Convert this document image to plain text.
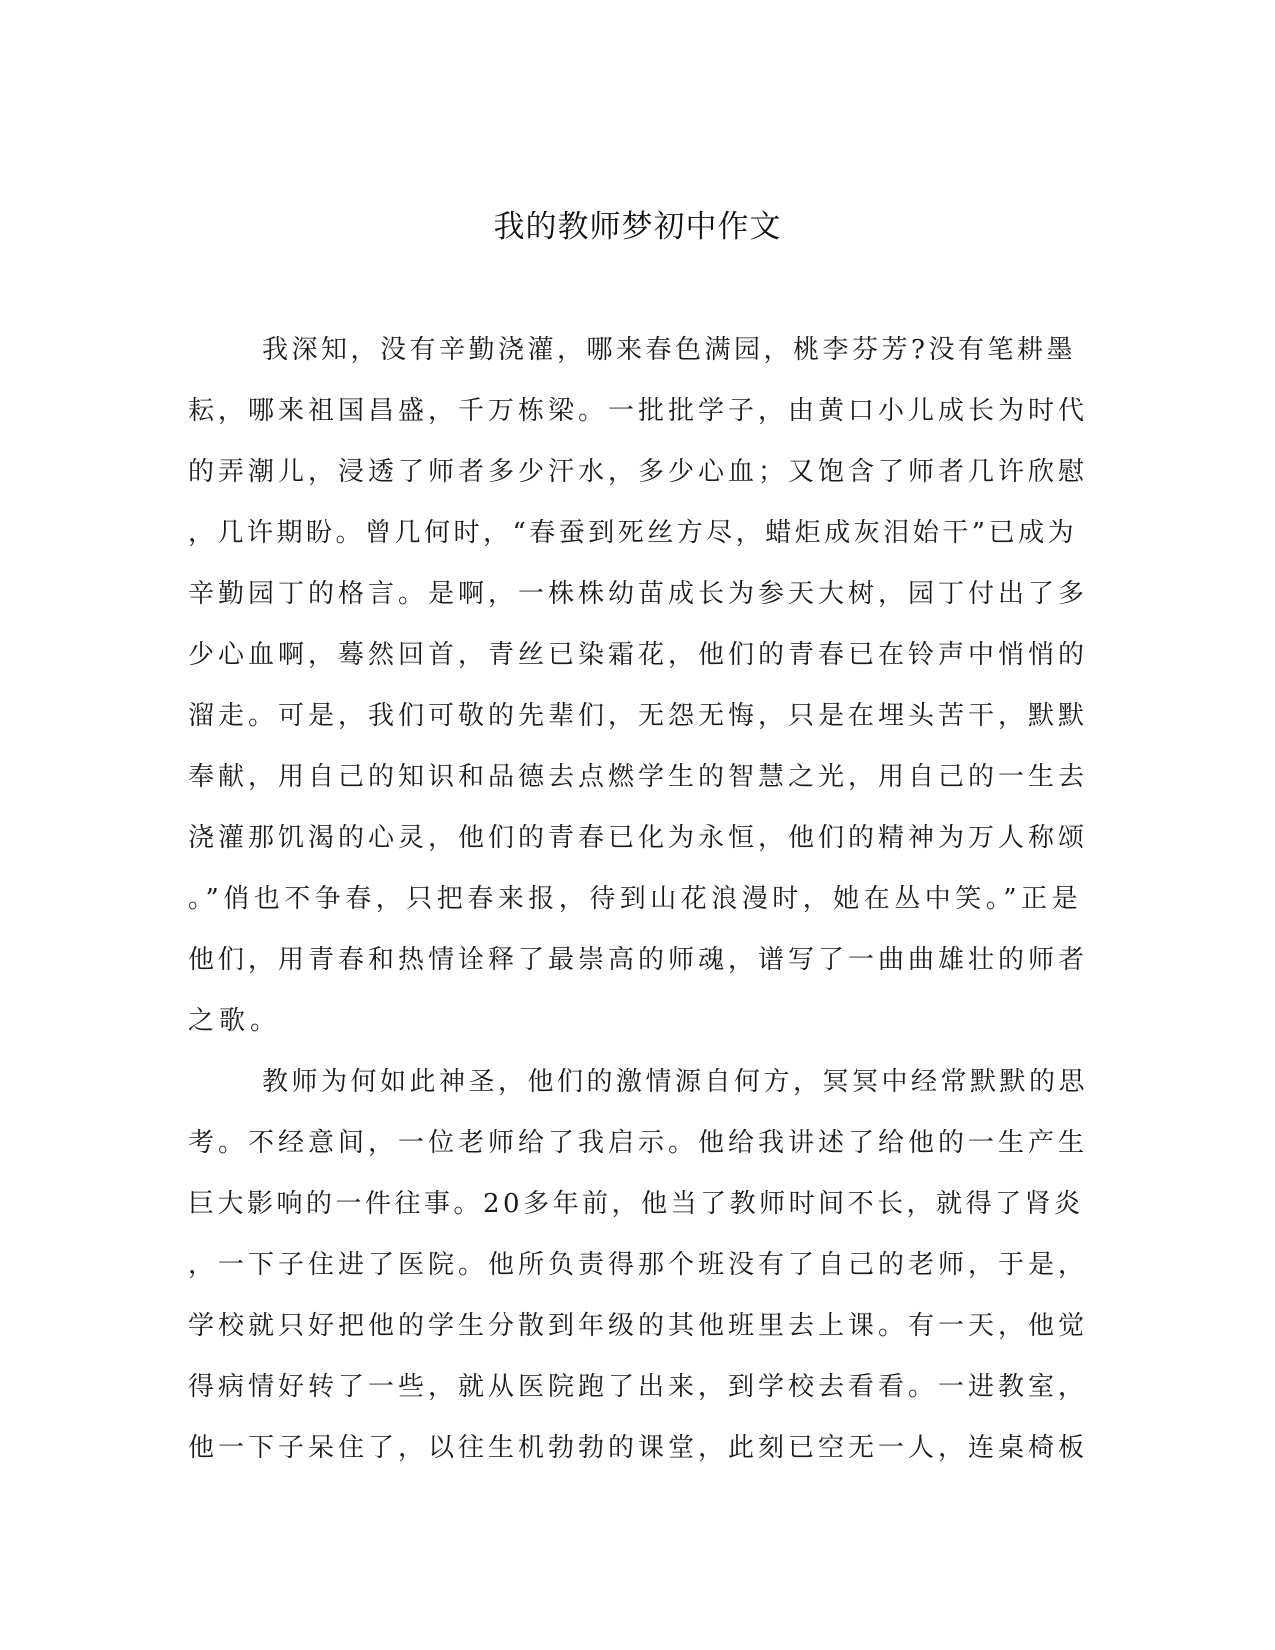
我的教师梦初中作文
我深知，没有辛勤浇灌，哪来春色满园，桃李芬芳?没有笔耕墨
耘，哪来祖国昌盛，千万栋梁。一批批学子，由黄口小儿成长为时代
的弄潮儿，浸透了师者多少汗水，多少心血；又饱含了师者几许欣慰
，几许期盼。曾几何时，“春蚕到死丝方尽，蜡炬成灰泪始干”已成为
辛勤园丁的格言。是啊，一株株幼苗成长为参天大树，园丁付出了多
少心血啊，蓦然回首，青丝已染霜花，他们的青春已在铃声中悄悄的
溜走。可是，我们可敬的先辈们，无怨无悔，只是在埋头苦干，默默
奉献，用自己的知识和品德去点燃学生的智慧之光，用自己的一生去
浇灌那饥渴的心灵，他们的青春已化为永恒，他们的精神为万人称颂
。”俏也不争春，只把春来报，待到山花浪漫时，她在丛中笑。”正是
他们，用青春和热情诠释了最崇高的师魂，谱写了一曲曲雄壮的师者
之歌。
教师为何如此神圣，他们的激情源自何方，冥冥中经常默默的思
考。不经意间，一位老师给了我启示。他给我讲述了给他的一生产生
巨大影响的一件往事。20多年前，他当了教师时间不长，就得了肾炎
，一下子住进了医院。他所负责得那个班没有了自己的老师，于是，
学校就只好把他的学生分散到年级的其他班里去上课。有一天，他觉
得病情好转了一些，就从医院跑了出来，到学校去看看。一进教室，
他一下子呆住了，以往生机勃勃的课堂，此刻已空无一人，连桌椅板
